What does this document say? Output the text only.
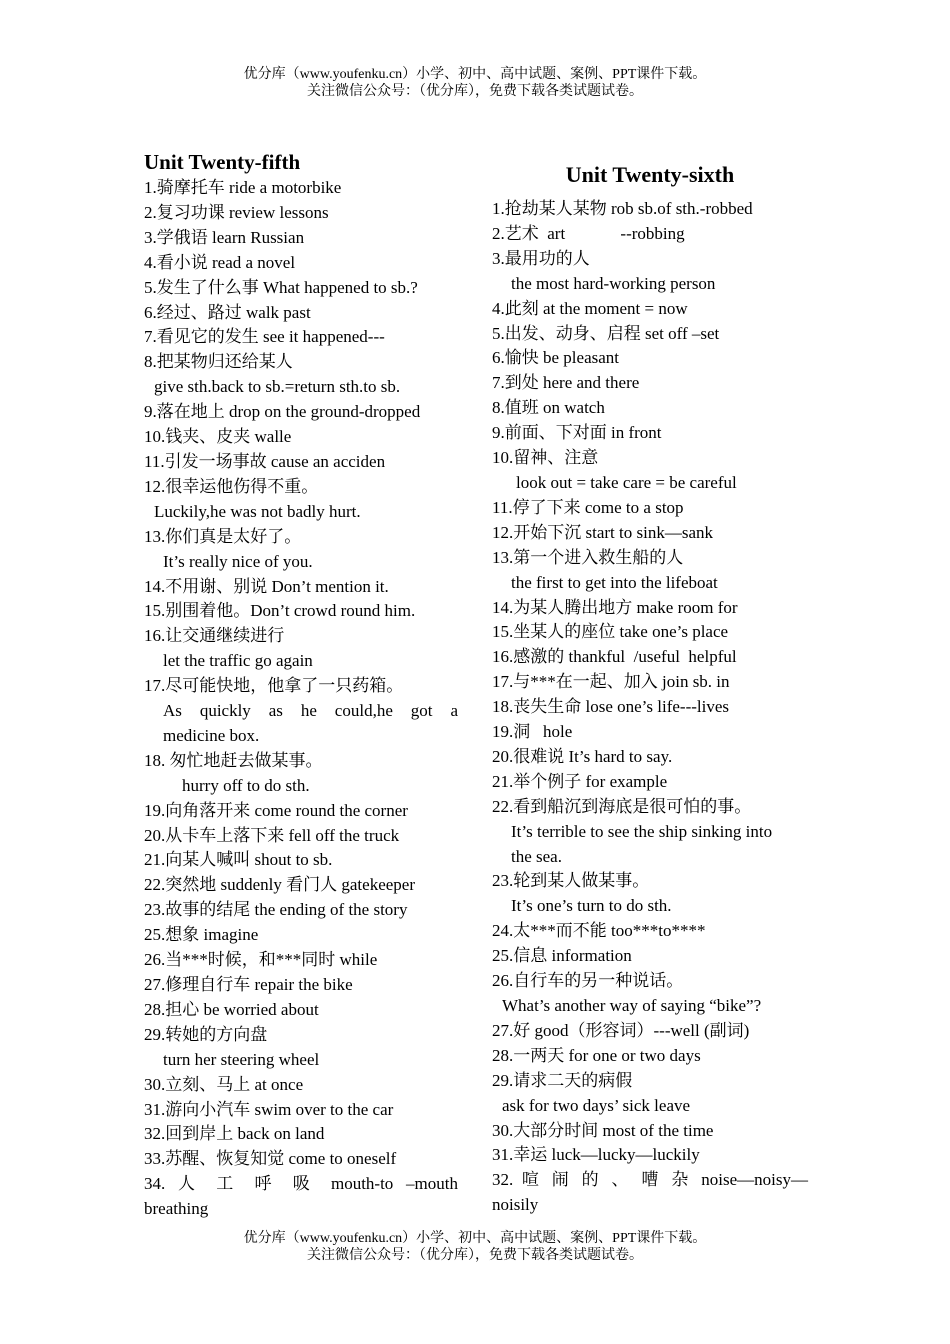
优分库（www.youfenku.cn）小学、初中、高中试题、案例、PPT课件下载。
关注微信公众号：（优分库），免费下载各类试题试卷。
Unit Twenty-fifth
1.骑摩托车 ride a motorbike
2.复习功课 review lessons
3.学俄语 learn Russian
4.看小说 read a novel
5.发生了什么事 What happened to sb.?
6.经过、路过 walk past
7.看见它的发生 see it happened---
8.把某物归还给某人
give sth.back to sb.=return sth.to sb.
9.落在地上 drop on the ground-dropped
10.钱夹、皮夹 walle
11.引发一场事故 cause an acciden
12.很幸运他伤得不重。
Luckily,he was not badly hurt.
13.你们真是太好了。
It’s really nice of you.
14.不用谢、别说 Don’t mention it.
15.别围着他。Don’t crowd round him.
16.让交通继续进行
let the traffic go again
17.尽可能快地，他拿了一只药箱。
As quickly as he could,he got a
medicine box.
18. 匆忙地赶去做某事。
hurry off to do sth.
19.向角落开来 come round the corner
20.从卡车上落下来 fell off the truck
21.向某人喊叫 shout to sb.
22.突然地 suddenly 看门人 gatekeeper
23.故事的结尾 the ending of the story
25.想象 imagine
26.当***时候，和***同时 while
27.修理自行车 repair the bike
28.担心 be worried about
29.转她的方向盘
turn her steering wheel
30.立刻、马上 at once
31.游向小汽车 swim over to the car
32.回到岸上 back on land
33.苏醒、恢复知觉 come to oneself
34. 人 工 呼 吸 mouth-to –mouth
breathing
Unit Twenty-sixth
1.抢劫某人某物 rob sb.of sth.-robbed
2.艺术  art             --robbing
3.最用功的人
the most hard-working person
4.此刻 at the moment = now
5.出发、动身、启程 set off –set
6.愉快 be pleasant
7.到处 here and there
8.值班 on watch
9.前面、下对面 in front
10.留神、注意
look out = take care = be careful
11.停了下来 come to a stop
12.开始下沉 start to sink—sank
13.第一个进入救生船的人
the first to get into the lifeboat
14.为某人腾出地方 make room for
15.坐某人的座位 take one’s place
16.感激的 thankful  /useful  helpful
17.与***在一起、加入 join sb. in
18.丧失生命 lose one’s life---lives
19.洞   hole
20.很难说 It’s hard to say.
21.举个例子 for example
22.看到船沉到海底是很可怕的事。
It’s terrible to see the ship sinking into
the sea.
23.轮到某人做某事。
It’s one’s turn to do sth.
24.太***而不能 too***to****
25.信息 information
26.自行车的另一种说话。
What’s another way of saying “bike”?
27.好 good（形容词）---well (副词)
28.一两天 for one or two days
29.请求二天的病假
ask for two days’ sick leave
30.大部分时间 most of the time
31.幸运 luck—lucky—luckily
32. 喧 闹 的 、 嘈 杂 noise—noisy—
noisily
优分库（www.youfenku.cn）小学、初中、高中试题、案例、PPT课件下载。
关注微信公众号：（优分库），免费下载各类试题试卷。
